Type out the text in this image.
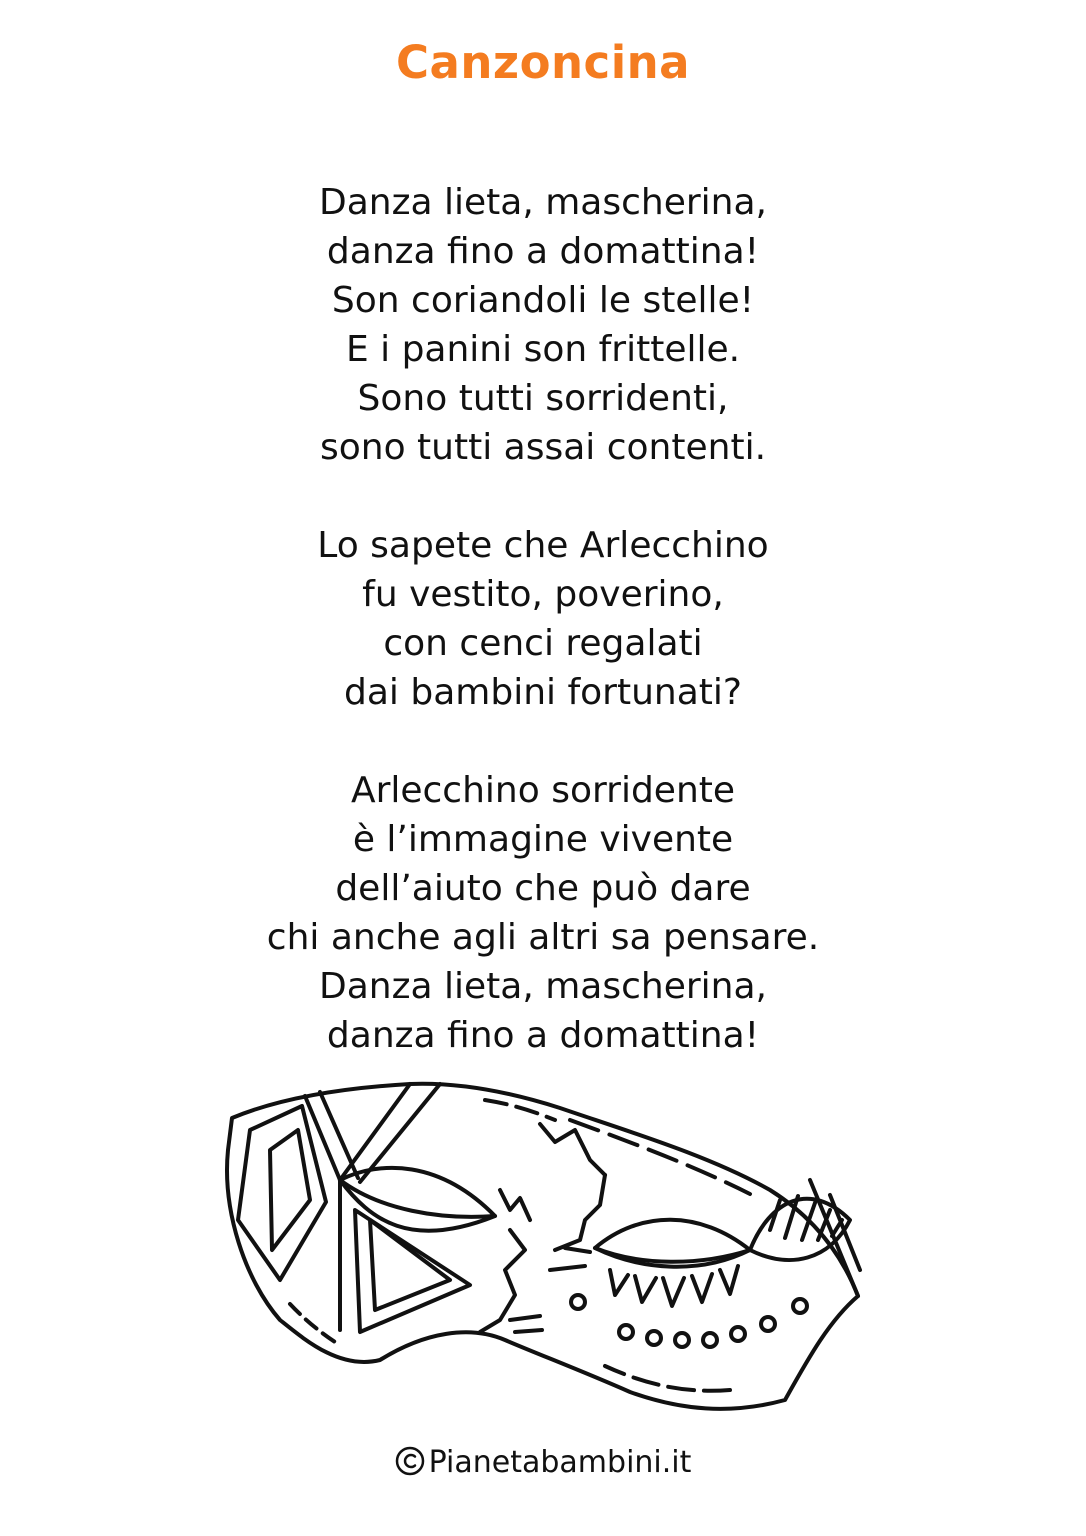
Canzoncina
Danza lieta, mascherina,
danza fino a domattina!
Son coriandoli le stelle!
E i panini son frittelle.
Sono tutti sorridenti,
sono tutti assai contenti.
Lo sapete che Arlecchino
fu vestito, poverino,
con cenci regalati
dai bambini fortunati?
Arlecchino sorridente
è l’immagine vivente
dell’aiuto che può dare
chi anche agli altri sa pensare.
Danza lieta, mascherina,
danza fino a domattina!
Pianetabambini.it
